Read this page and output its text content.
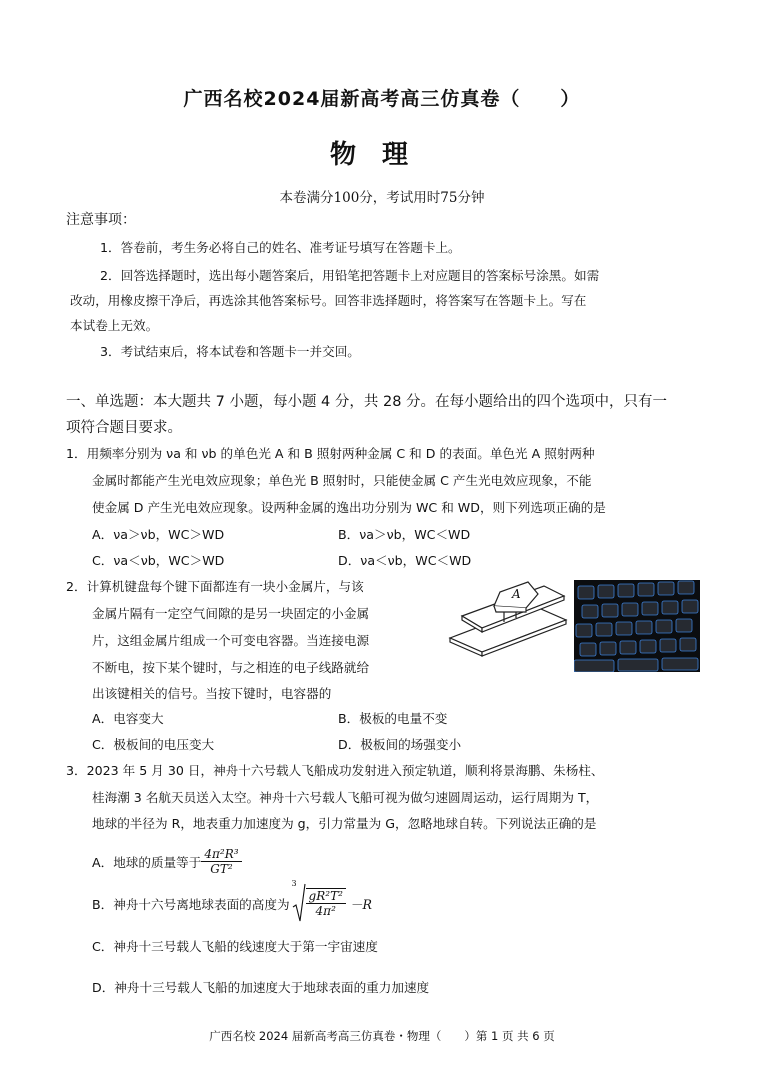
广西名校2024届新高考高三仿真卷（　　）
物理
本卷满分100分，考试用时75分钟
注意事项：
1．答卷前，考生务必将自己的姓名、准考证号填写在答题卡上。
2．回答选择题时，选出每小题答案后，用铅笔把答题卡上对应题目的答案标号涂黑。如需
改动，用橡皮擦干净后，再选涂其他答案标号。回答非选择题时，将答案写在答题卡上。写在
本试卷上无效。
3．考试结束后，将本试卷和答题卡一并交回。
一、单选题：本大题共 7 小题，每小题 4 分，共 28 分。在每小题给出的四个选项中，只有一
项符合题目要求。
1．用频率分别为 νa 和 νb 的单色光 A 和 B 照射两种金属 C 和 D 的表面。单色光 A 照射两种
金属时都能产生光电效应现象；单色光 B 照射时，只能使金属 C 产生光电效应现象，不能
使金属 D 产生光电效应现象。设两种金属的逸出功分别为 WC 和 WD，则下列选项正确的是
A．νa＞νb，WC＞WD	B．νa＞νb，WC＜WD
C．νa＜νb，WC＞WD	D．νa＜νb，WC＜WD
2．计算机键盘每个键下面都连有一块小金属片，与该
金属片隔有一定空气间隙的是另一块固定的小金属
片，这组金属片组成一个可变电容器。当连接电源
不断电，按下某个键时，与之相连的电子线路就给
出该键相关的信号。当按下键时，电容器的
A
A．电容变大	B．极板的电量不变
C．极板间的电压变大	D．极板间的场强变小
3．2023 年 5 月 30 日，神舟十六号载人飞船成功发射进入预定轨道，顺利将景海鹏、朱杨柱、
桂海潮 3 名航天员送入太空。神舟十六号载人飞船可视为做匀速圆周运动，运行周期为 T，
地球的半径为 R，地表重力加速度为 g，引力常量为 G，忽略地球自转。下列说法正确的是
A．地球的质量等于 $\frac{\text{4π²R³}}{\text{GT²}}$
B．神舟十六号离地球表面的高度为
3
$\frac{\text{gR²T²}}{\text{4π²}} -R$
C．神舟十三号载人飞船的线速度大于第一宇宙速度
D．神舟十三号载人飞船的加速度大于地球表面的重力加速度
广西名校 2024 届新高考高三仿真卷・物理（　　）第 1 页 共 6 页
